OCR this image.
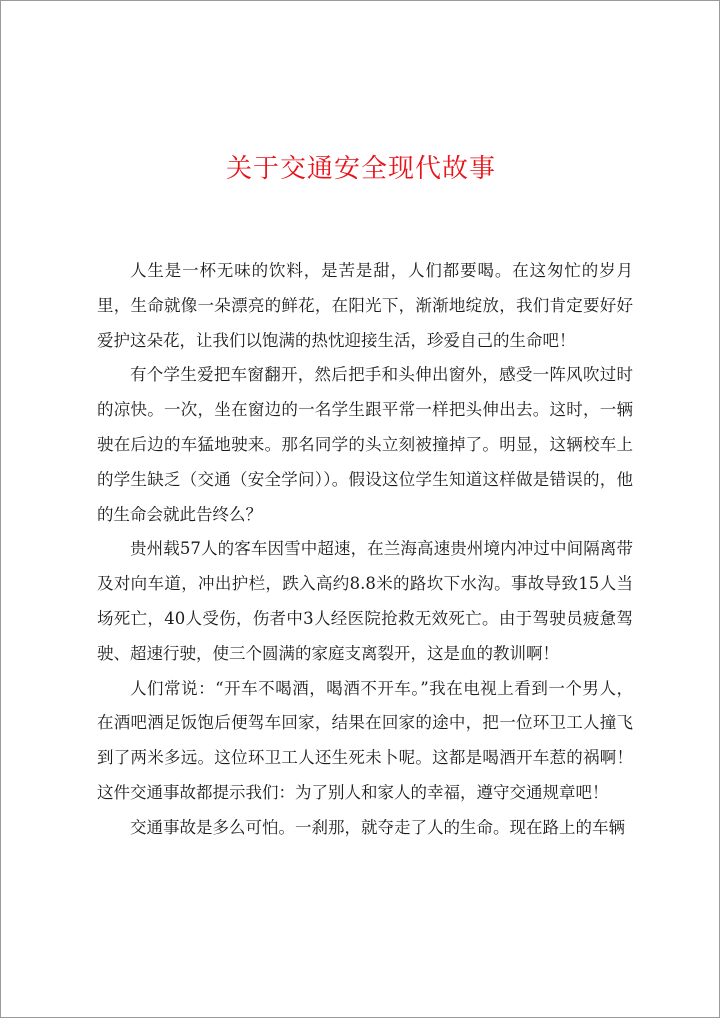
关于交通安全现代故事

人生是一杯无味的饮料，是苦是甜，人们都要喝。在这匆忙的岁月里，生命就像一朵漂亮的鲜花，在阳光下，渐渐地绽放，我们肯定要好好爱护这朵花，让我们以饱满的热忱迎接生活，珍爱自己的生命吧！

有个学生爱把车窗翻开，然后把手和头伸出窗外，感受一阵风吹过时的凉快。一次，坐在窗边的一名学生跟平常一样把头伸出去。这时，一辆驶在后边的车猛地驶来。那名同学的头立刻被撞掉了。明显，这辆校车上的学生缺乏（交通（安全学问））。假设这位学生知道这样做是错误的，他的生命会就此告终么？

贵州载57人的客车因雪中超速，在兰海高速贵州境内冲过中间隔离带及对向车道，冲出护栏，跌入高约8.8米的路坎下水沟。事故导致15人当场死亡，40人受伤，伤者中3人经医院抢救无效死亡。由于驾驶员疲惫驾驶、超速行驶，使三个圆满的家庭支离裂开，这是血的教训啊！

人们常说：“开车不喝酒，喝酒不开车。”我在电视上看到一个男人，在酒吧酒足饭饱后便驾车回家，结果在回家的途中，把一位环卫工人撞飞到了两米多远。这位环卫工人还生死未卜呢。这都是喝酒开车惹的祸啊！这件交通事故都提示我们：为了别人和家人的幸福，遵守交通规章吧！

交通事故是多么可怕。一刹那，就夺走了人的生命。现在路上的车辆
